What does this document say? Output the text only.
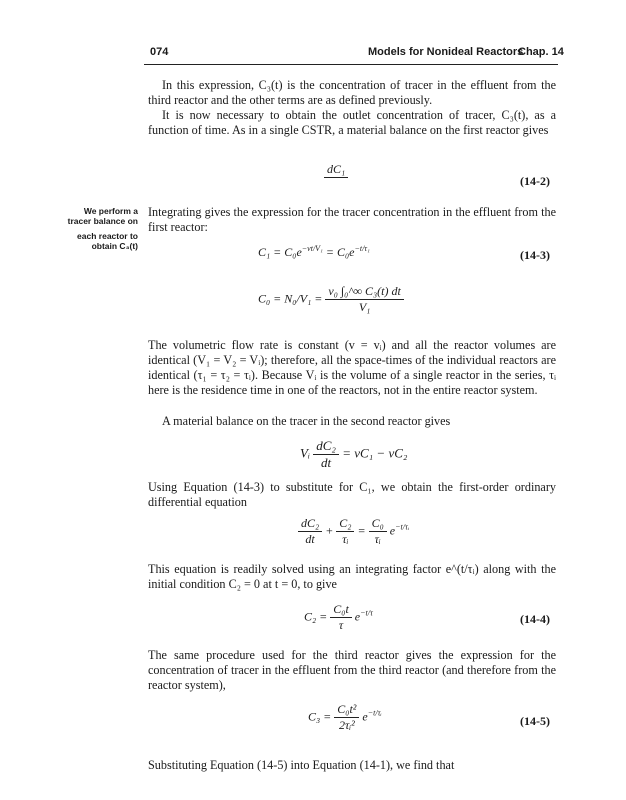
074	Models for Nonideal Reactors
Chap. 14

In this expression, C₃(t) is the concentration of tracer in the effluent from the third reactor and the other terms are as defined previously.

It is now necessary to obtain the outlet concentration of tracer, C₃(t), as a function of time. As in a single CSTR, a material balance on the first reactor gives

dC₁

(14-2)
We perform a
tracer balance on
each reactor to
obtain C₃(t)

Integrating gives the expression for the tracer concentration in the effluent from the first reactor:

$C_1 = C_0e^{-vt/V_1} = C_0e^{-t/\tau_1}$	(14-3)
$C_0 = N_0/V_1 = \frac{\text{v₀ ∫₀\textasciicircum{}∞ C₃(t) dt}}{\text{V₁}}$

The volumetric flow rate is constant (v = vᵢ) and all the reactor volumes are identical (V₁ = V₂ = Vᵢ); therefore, all the space-times of the individual reactors are identical (τ₁ = τ₂ = τᵢ). Because Vᵢ is the volume of a single reactor in the series, τᵢ here is the residence time in one of the reactors, not in the entire reactor system.

A material balance on the tracer in the second reactor gives

Vᵢ $\frac{\text{dC₂}}{dt} = vC_1 - vC_2$

Using Equation (14-3) to substitute for C₁, we obtain the first-order ordinary differential equation

$\frac{\text{dC₂}}{dt} + \frac{\text{C₂}}{\text{τᵢ}} = \frac{\text{C₀}}{\text{τᵢ}} e^{-t/\tau ᵢ}$

This equation is readily solved using an integrating factor e^(t/τᵢ) along with the initial condition C₂ = 0 at t = 0, to give

$C_2 = \frac{\text{C₀t}}{\tau} e^{-t/\tau}$	(14-4)

The same procedure used for the third reactor gives the expression for the concentration of tracer in the effluent from the third reactor (and therefore from the reactor system),

$C_3 = \frac{\text{C₀t²}}{\text{2τᵢ²}} e^{-t/\tau ᵢ}$
(14-5)

Substituting Equation (14-5) into Equation (14-1), we find that
